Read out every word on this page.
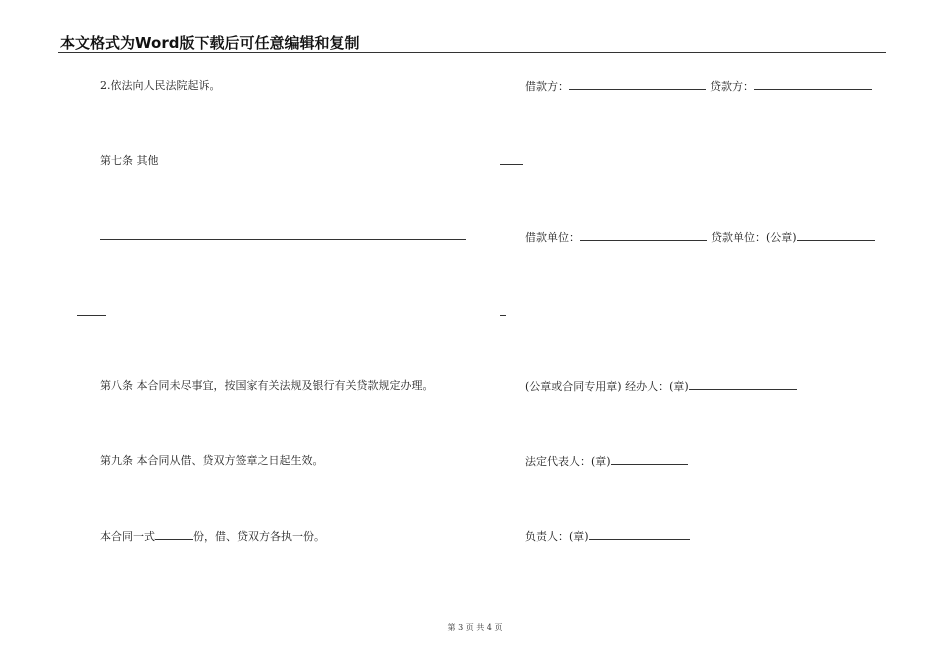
本文格式为Word版下载后可任意编辑和复制
2.依法向人民法院起诉。
第七条 其他
第八条 本合同未尽事宜，按国家有关法规及银行有关贷款规定办理。
第九条 本合同从借、贷双方签章之日起生效。
本合同一式	份，借、贷双方各执一份。
借款方：	贷款方：
借款单位：	贷款单位：(公章)
(公章或合同专用章) 经办人：(章)
法定代表人：(章)
负责人：(章)
第 3 页 共 4 页
